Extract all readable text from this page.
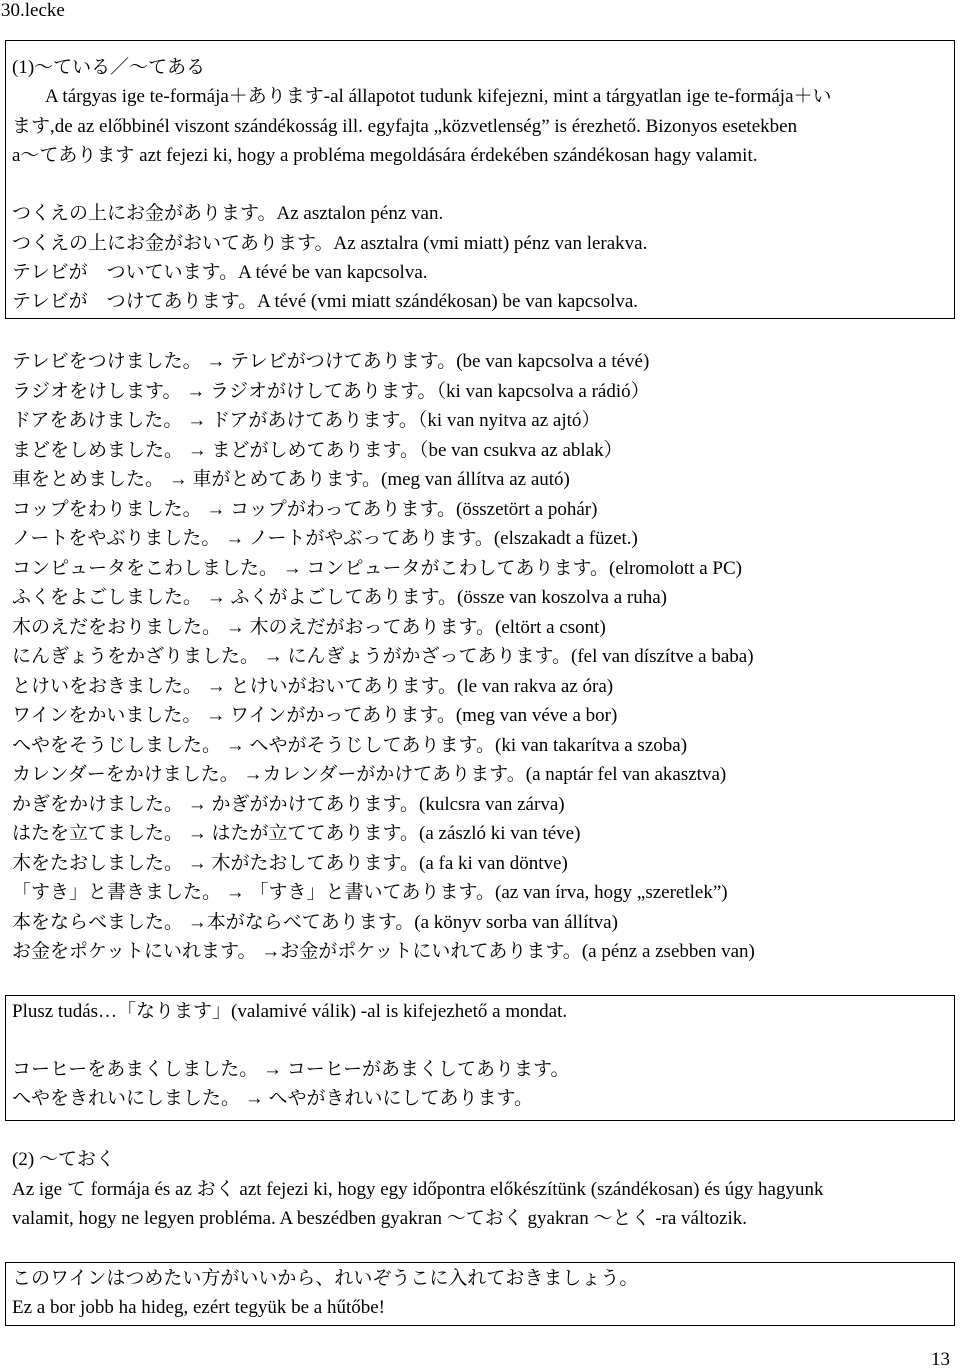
30.lecke
(1)～ている／～てある
A tárgyas ige te-formája＋あります-al állapotot tudunk kifejezni, mint a tárgyatlan ige te-formája＋い
ます,de az előbbinél viszont szándékosság ill. egyfajta „közvetlenség” is érezhető. Bizonyos esetekben
a～てあります azt fejezi ki, hogy a probléma megoldására érdekében szándékosan hagy valamit.
つくえの上にお金があります。Az asztalon pénz van.
つくえの上にお金がおいてあります。Az asztalra (vmi miatt) pénz van lerakva.
テレビが　ついています。A tévé be van kapcsolva.
テレビが　つけてあります。A tévé (vmi miatt szándékosan) be van kapcsolva.
テレビをつけました。 → テレビがつけてあります。(be van kapcsolva a tévé)
ラジオをけします。 → ラジオがけしてあります。（ki van kapcsolva a rádió）
ドアをあけました。 → ドアがあけてあります。（ki van nyitva az ajtó）
まどをしめました。 → まどがしめてあります。（be van csukva az ablak）
車をとめました。 → 車がとめてあります。(meg van állítva az autó)
コップをわりました。 → コップがわってあります。(összetört a pohár)
ノートをやぶりました。 → ノートがやぶってあります。(elszakadt a füzet.)
コンピュータをこわしました。 → コンピュータがこわしてあります。(elromolott a PC)
ふくをよごしました。 → ふくがよごしてあります。(össze van koszolva a ruha)
木のえだをおりました。 → 木のえだがおってあります。(eltört a csont)
にんぎょうをかざりました。 → にんぎょうがかざってあります。(fel van díszítve a baba)
とけいをおきました。 → とけいがおいてあります。(le van rakva az óra)
ワインをかいました。 → ワインがかってあります。(meg van véve a bor)
へやをそうじしました。 → へやがそうじしてあります。(ki van takarítva a szoba)
カレンダーをかけました。 →カレンダーがかけてあります。(a naptár fel van akasztva)
かぎをかけました。 → かぎがかけてあります。(kulcsra van zárva)
はたを立てました。 → はたが立ててあります。(a zászló ki van téve)
木をたおしました。 → 木がたおしてあります。(a fa ki van döntve)
「すき」と書きました。 → 「すき」と書いてあります。(az van írva, hogy „szeretlek”)
本をならべました。 →本がならべてあります。(a könyv sorba van állítva)
お金をポケットにいれます。 →お金がポケットにいれてあります。(a pénz a zsebben van)
Plusz tudás…「なります」(valamivé válik) -al is kifejezhető a mondat.
コーヒーをあまくしました。 → コーヒーがあまくしてあります。
へやをきれいにしました。 → へやがきれいにしてあります。
(2) ～ておく
Az ige て formája és az おく azt fejezi ki, hogy egy időpontra előkészítünk (szándékosan) és úgy hagyunk
valamit, hogy ne legyen probléma. A beszédben gyakran ～ておく gyakran ～とく -ra változik.
このワインはつめたい方がいいから、れいぞうこに入れておきましょう。
Ez a bor jobb ha hideg, ezért tegyük be a hűtőbe!
13
